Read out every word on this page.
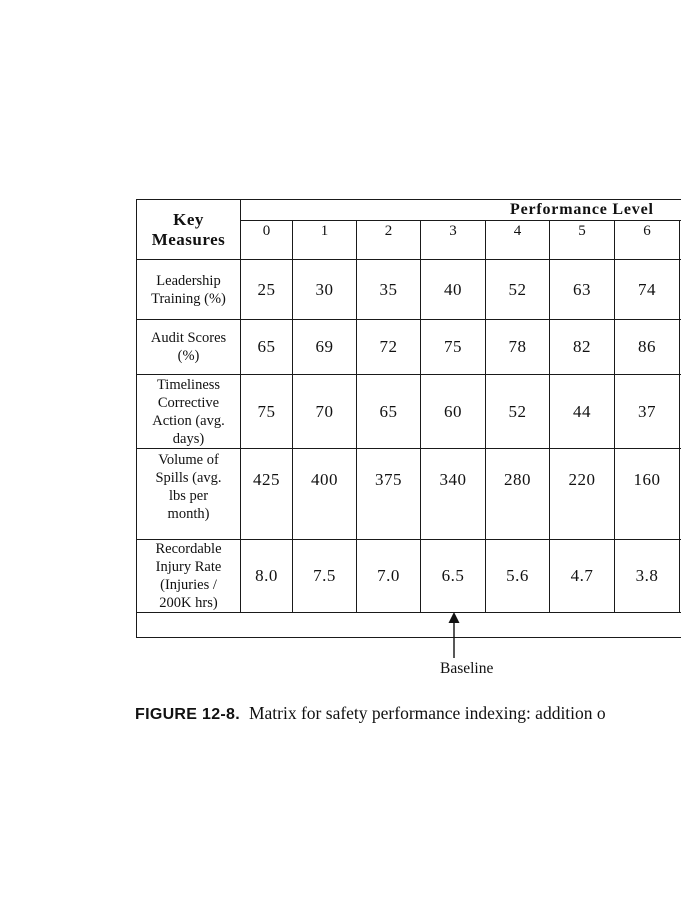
Key
Measures	Performance Level							
	0	1	2	3	4	5	6	
Leadership
Training (%)	25	30	35	40	52	63	74	
Audit Scores
(%)	65	69	72	75	78	82	86	
Timeliness
Corrective
Action (avg.
days)	75	70	65	60	52	44	37	
Volume of
Spills (avg.
lbs per
month)	425	400	375	340	280	220	160	
Recordable
Injury Rate
(Injuries /
200K hrs)	8.0	7.5	7.0	6.5	5.6	4.7	3.8	

Baseline
FIGURE 12-8. Matrix for safety performance indexing: addition o
